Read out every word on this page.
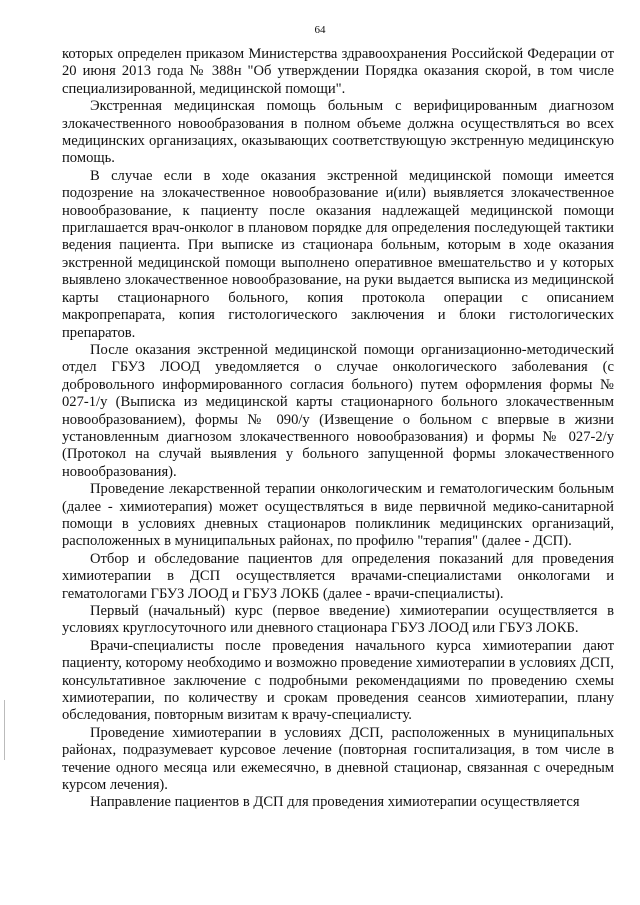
64

которых определен приказом Министерства здравоохранения Российской Федерации от 20 июня 2013 года № 388н "Об утверждении Порядка оказания скорой, в том числе специализированной, медицинской помощи".

Экстренная медицинская помощь больным с верифицированным диагнозом злокачественного новообразования в полном объеме должна осуществляться во всех медицинских организациях, оказывающих соответствующую экстренную медицинскую помощь.

В случае если в ходе оказания экстренной медицинской помощи имеется подозрение на злокачественное новообразование и(или) выявляется злокачественное новообразование, к пациенту после оказания надлежащей медицинской помощи приглашается врач-онколог в плановом порядке для определения последующей тактики ведения пациента. При выписке из стационара больным, которым в ходе оказания экстренной медицинской помощи выполнено оперативное вмешательство и у которых выявлено злокачественное новообразование, на руки выдается выписка из медицинской карты стационарного больного, копия протокола операции с описанием макропрепарата, копия гистологического заключения и блоки гистологических препаратов.

После оказания экстренной медицинской помощи организационно-методический отдел ГБУЗ ЛООД уведомляется о случае онкологического заболевания (с добровольного информированного согласия больного) путем оформления формы № 027-1/у (Выписка из медицинской карты стационарного больного злокачественным новообразованием), формы № 090/у (Извещение о больном с впервые в жизни установленным диагнозом злокачественного новообразования) и формы № 027-2/у (Протокол на случай выявления у больного запущенной формы злокачественного новообразования).

Проведение лекарственной терапии онкологическим и гематологическим больным (далее - химиотерапия) может осуществляться в виде первичной медико-санитарной помощи в условиях дневных стационаров поликлиник медицинских организаций, расположенных в муниципальных районах, по профилю "терапия" (далее - ДСП).

Отбор и обследование пациентов для определения показаний для проведения химиотерапии в ДСП осуществляется врачами-специалистами онкологами и гематологами ГБУЗ ЛООД и ГБУЗ ЛОКБ (далее - врачи-специалисты).

Первый (начальный) курс (первое введение) химиотерапии осуществляется в условиях круглосуточного или дневного стационара ГБУЗ ЛООД или ГБУЗ ЛОКБ.

Врачи-специалисты после проведения начального курса химиотерапии дают пациенту, которому необходимо и возможно проведение химиотерапии в условиях ДСП, консультативное заключение с подробными рекомендациями по проведению схемы химиотерапии, по количеству и срокам проведения сеансов химиотерапии, плану обследования, повторным визитам к врачу-специалисту.

Проведение химиотерапии в условиях ДСП, расположенных в муниципальных районах, подразумевает курсовое лечение (повторная госпитализация, в том числе в течение одного месяца или ежемесячно, в дневной стационар, связанная с очередным курсом лечения).

Направление пациентов в ДСП для проведения химиотерапии осуществляется
